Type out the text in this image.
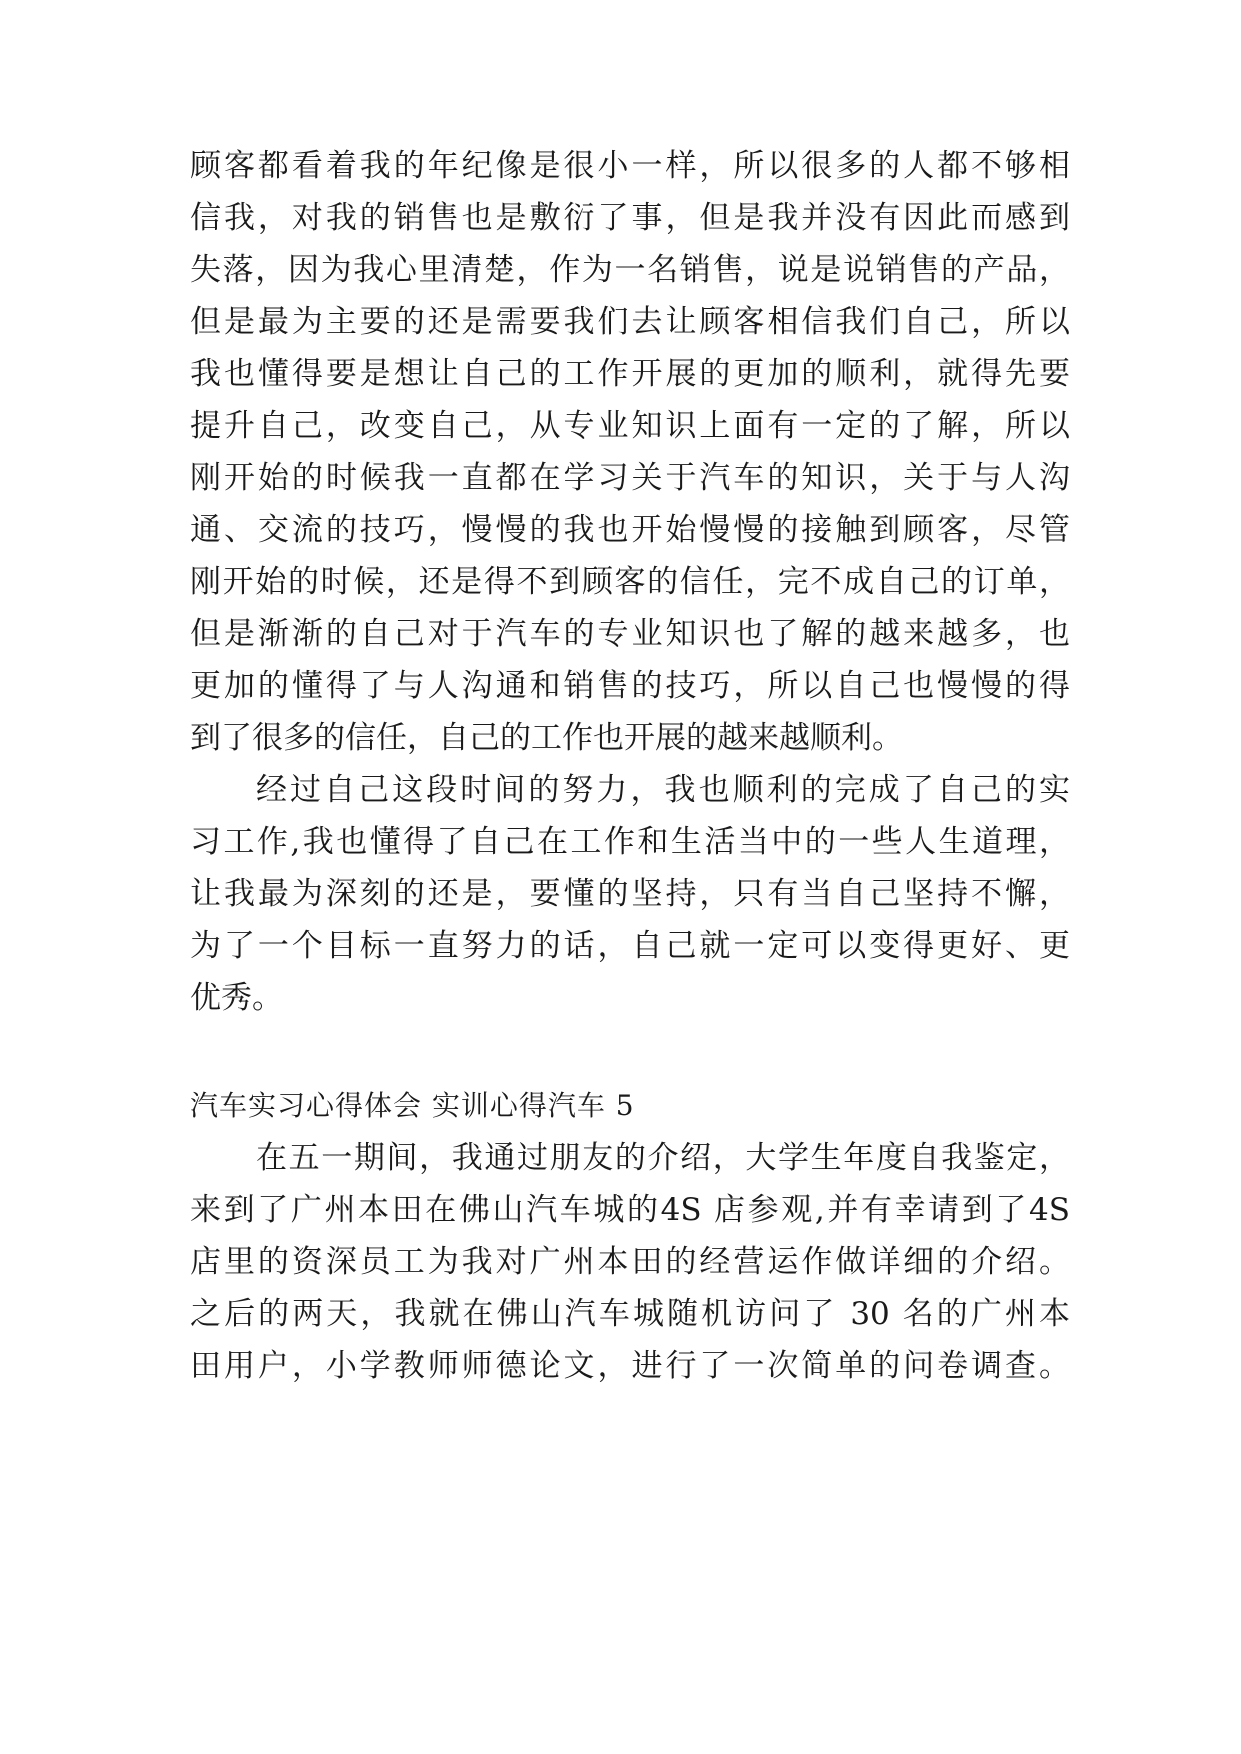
顾客都看着我的年纪像是很小一样，所以很多的人都不够相
信我，对我的销售也是敷衍了事，但是我并没有因此而感到
失落，因为我心里清楚，作为一名销售，说是说销售的产品，
但是最为主要的还是需要我们去让顾客相信我们自己，所以
我也懂得要是想让自己的工作开展的更加的顺利，就得先要
提升自己，改变自己，从专业知识上面有一定的了解，所以
刚开始的时候我一直都在学习关于汽车的知识，关于与人沟
通、交流的技巧，慢慢的我也开始慢慢的接触到顾客，尽管
刚开始的时候，还是得不到顾客的信任，完不成自己的订单，
但是渐渐的自己对于汽车的专业知识也了解的越来越多，也
更加的懂得了与人沟通和销售的技巧，所以自己也慢慢的得
到了很多的信任，自己的工作也开展的越来越顺利。
经过自己这段时间的努力，我也顺利的完成了自己的实
习工作,我也懂得了自己在工作和生活当中的一些人生道理，
让我最为深刻的还是，要懂的坚持，只有当自己坚持不懈，
为了一个目标一直努力的话，自己就一定可以变得更好、更
优秀。
汽车实习心得体会 实训心得汽车 5
在五一期间，我通过朋友的介绍，大学生年度自我鉴定，
来到了广州本田在佛山汽车城的4S 店参观,并有幸请到了4S
店里的资深员工为我对广州本田的经营运作做详细的介绍。
之后的两天，我就在佛山汽车城随机访问了 30 名的广州本
田用户，小学教师师德论文，进行了一次简单的问卷调查。
